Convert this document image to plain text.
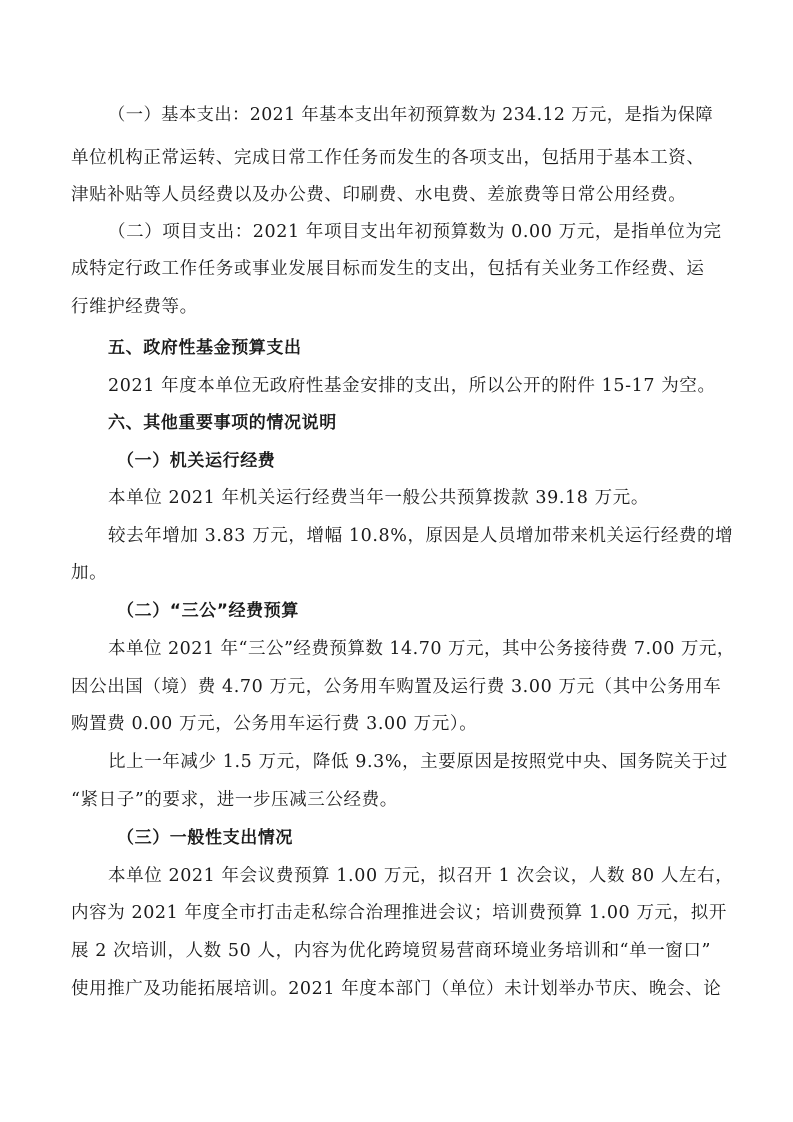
（一）基本支出：2021 年基本支出年初预算数为 234.12 万元，是指为保障
单位机构正常运转、完成日常工作任务而发生的各项支出，包括用于基本工资、
津贴补贴等人员经费以及办公费、印刷费、水电费、差旅费等日常公用经费。
（二）项目支出：2021 年项目支出年初预算数为 0.00 万元，是指单位为完
成特定行政工作任务或事业发展目标而发生的支出，包括有关业务工作经费、运
行维护经费等。
五、政府性基金预算支出
2021 年度本单位无政府性基金安排的支出，所以公开的附件 15-17 为空。
六、其他重要事项的情况说明
（一）机关运行经费
本单位 2021 年机关运行经费当年一般公共预算拨款 39.18 万元。
较去年增加 3.83 万元，增幅 10.8%，原因是人员增加带来机关运行经费的增
加。
（二）“三公”经费预算
本单位 2021 年“三公”经费预算数 14.70 万元，其中公务接待费 7.00 万元，
因公出国（境）费 4.70 万元，公务用车购置及运行费 3.00 万元（其中公务用车
购置费 0.00 万元，公务用车运行费 3.00 万元）。
比上一年减少 1.5 万元，降低 9.3%，主要原因是按照党中央、国务院关于过
“紧日子”的要求，进一步压减三公经费。
（三）一般性支出情况
本单位 2021 年会议费预算 1.00 万元，拟召开 1 次会议，人数 80 人左右，
内容为 2021 年度全市打击走私综合治理推进会议；培训费预算 1.00 万元，拟开
展 2 次培训，人数 50 人，内容为优化跨境贸易营商环境业务培训和“单一窗口”
使用推广及功能拓展培训。2021 年度本部门（单位）未计划举办节庆、晚会、论
